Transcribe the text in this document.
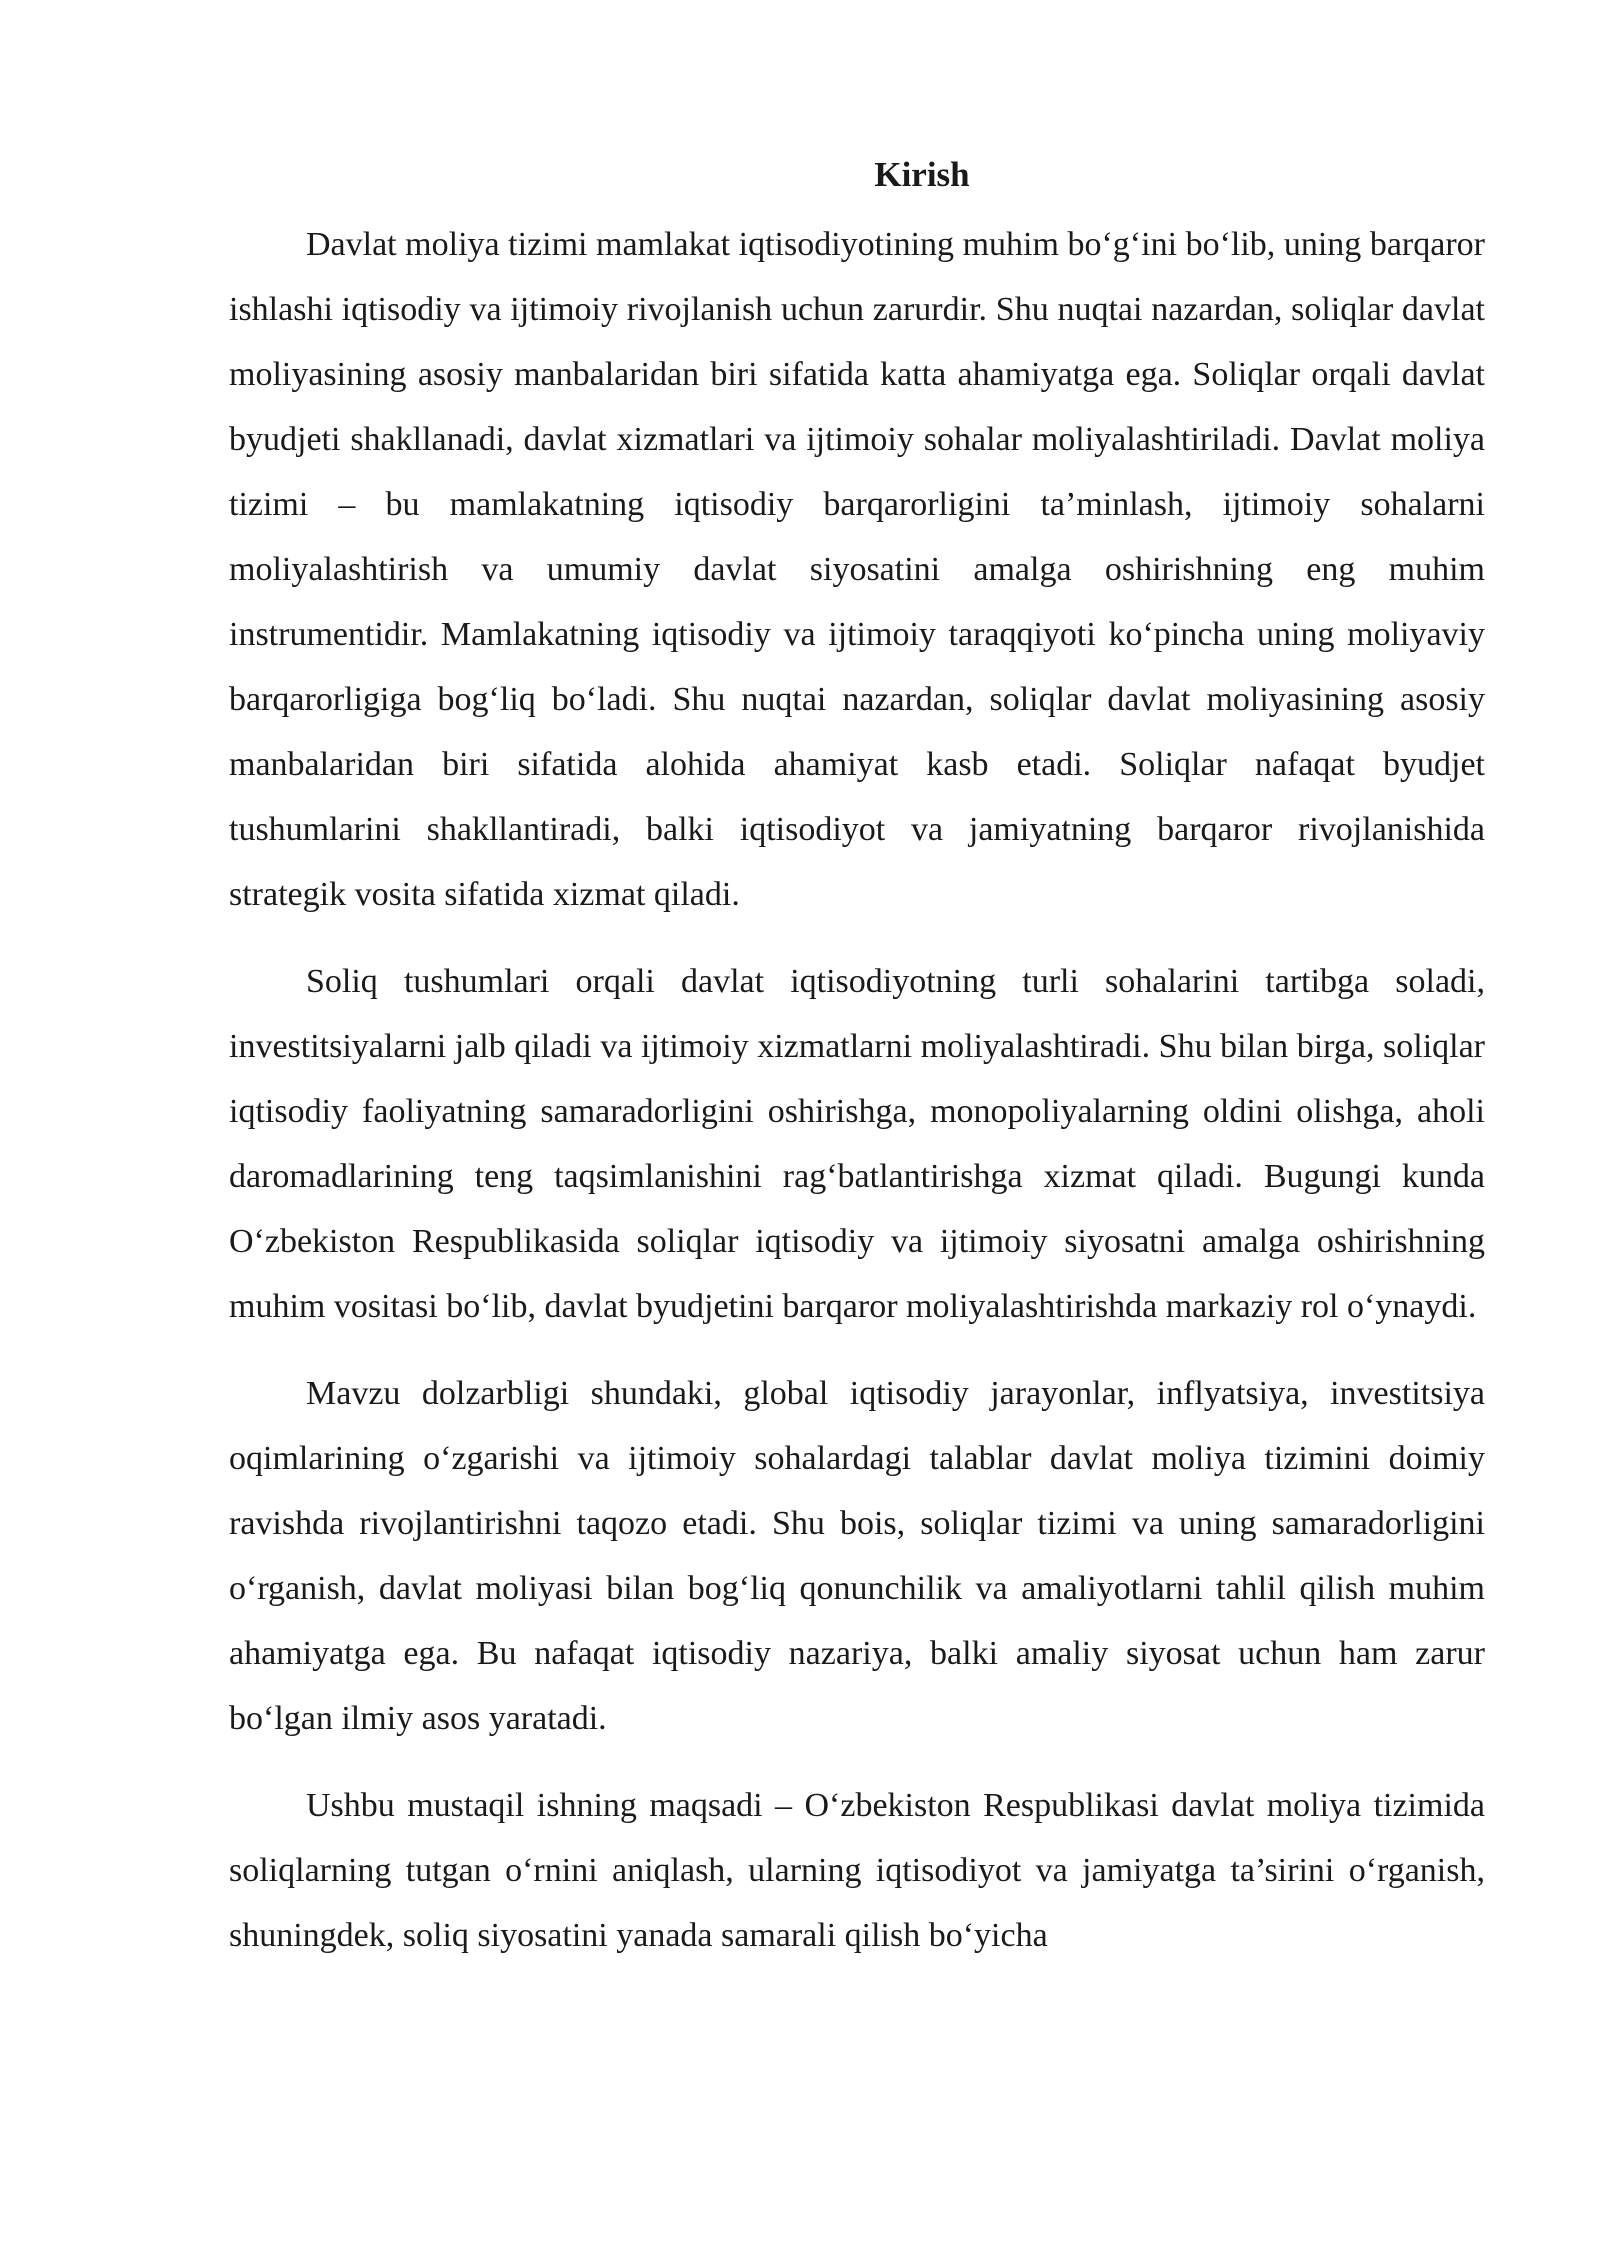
Kirish

Davlat moliya tizimi mamlakat iqtisodiyotining muhim bo‘g‘ini bo‘lib, uning barqaror ishlashi iqtisodiy va ijtimoiy rivojlanish uchun zarurdir. Shu nuqtai nazardan, soliqlar davlat moliyasining asosiy manbalaridan biri sifatida katta ahamiyatga ega. Soliqlar orqali davlat byudjeti shakllanadi, davlat xizmatlari va ijtimoiy sohalar moliyalashtiriladi. Davlat moliya tizimi – bu mamlakatning iqtisodiy barqarorligini ta’minlash, ijtimoiy sohalarni moliyalashtirish va umumiy davlat siyosatini amalga oshirishning eng muhim instrumentidir. Mamlakatning iqtisodiy va ijtimoiy taraqqiyoti ko‘pincha uning moliyaviy barqarorligiga bog‘liq bo‘ladi. Shu nuqtai nazardan, soliqlar davlat moliyasining asosiy manbalaridan biri sifatida alohida ahamiyat kasb etadi. Soliqlar nafaqat byudjet tushumlarini shakllantiradi, balki iqtisodiyot va jamiyatning barqaror rivojlanishida strategik vosita sifatida xizmat qiladi.

Soliq tushumlari orqali davlat iqtisodiyotning turli sohalarini tartibga soladi, investitsiyalarni jalb qiladi va ijtimoiy xizmatlarni moliyalashtiradi. Shu bilan birga, soliqlar iqtisodiy faoliyatning samaradorligini oshirishga, monopoliyalarning oldini olishga, aholi daromadlarining teng taqsimlanishini rag‘batlantirishga xizmat qiladi. Bugungi kunda O‘zbekiston Respublikasida soliqlar iqtisodiy va ijtimoiy siyosatni amalga oshirishning muhim vositasi bo‘lib, davlat byudjetini barqaror moliyalashtirishda markaziy rol o‘ynaydi.

Mavzu dolzarbligi shundaki, global iqtisodiy jarayonlar, inflyatsiya, investitsiya oqimlarining o‘zgarishi va ijtimoiy sohalardagi talablar davlat moliya tizimini doimiy ravishda rivojlantirishni taqozo etadi. Shu bois, soliqlar tizimi va uning samaradorligini o‘rganish, davlat moliyasi bilan bog‘liq qonunchilik va amaliyotlarni tahlil qilish muhim ahamiyatga ega. Bu nafaqat iqtisodiy nazariya, balki amaliy siyosat uchun ham zarur bo‘lgan ilmiy asos yaratadi.

Ushbu mustaqil ishning maqsadi – O‘zbekiston Respublikasi davlat moliya tizimida soliqlarning tutgan o‘rnini aniqlash, ularning iqtisodiyot va jamiyatga ta’sirini o‘rganish, shuningdek, soliq siyosatini yanada samarali qilish bo‘yicha
